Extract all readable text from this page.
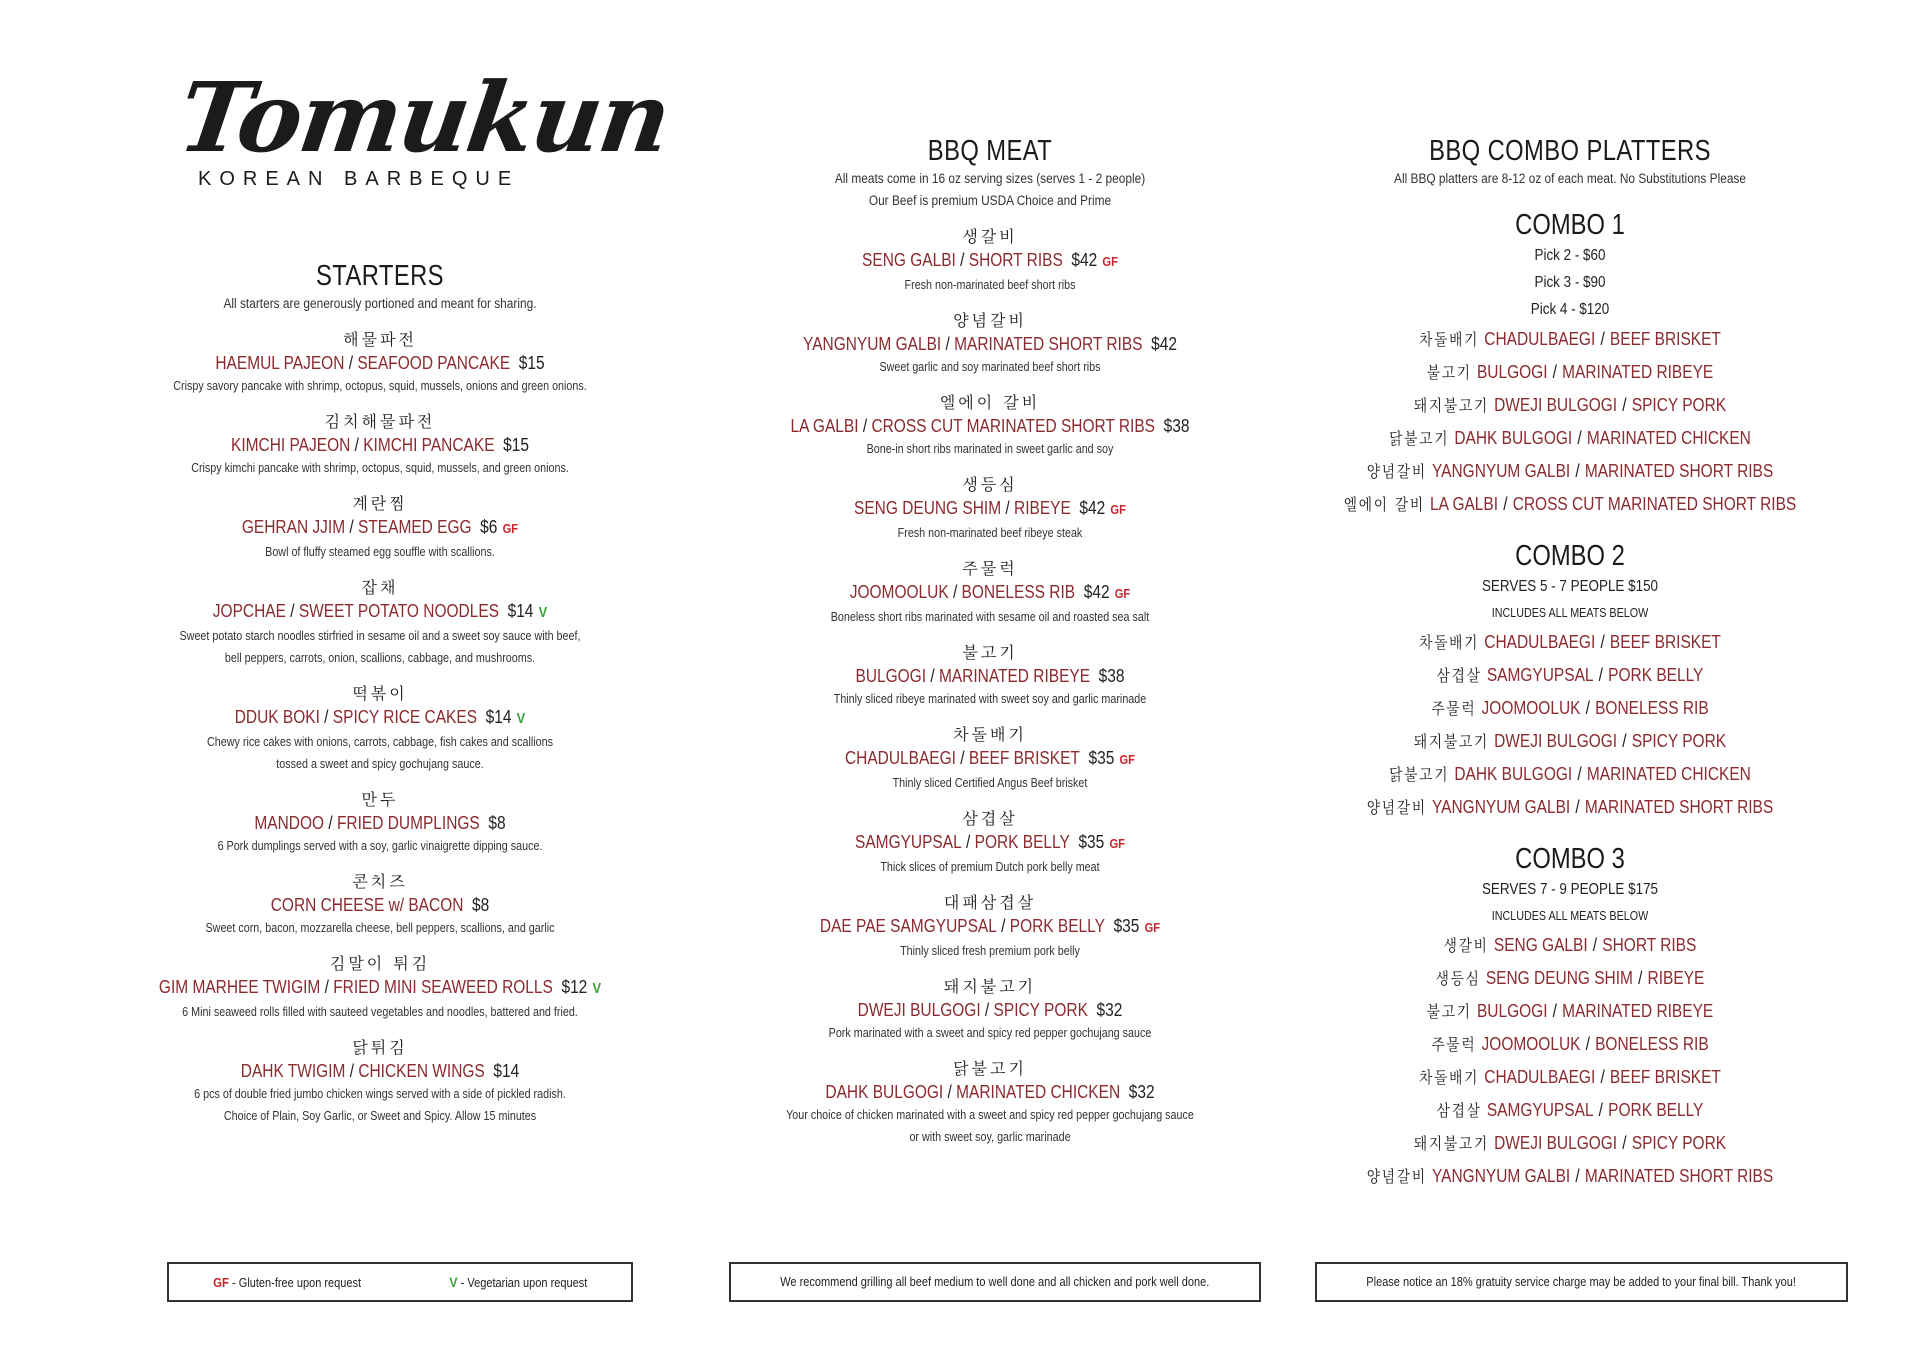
Tomukun
KOREAN BARBEQUE
STARTERS
All starters are generously portioned and meant for sharing.
해물파전
HAEMUL PAJEON / SEAFOOD PANCAKE $15
Crispy savory pancake with shrimp, octopus, squid, mussels, onions and green onions.
김치해물파전
KIMCHI PAJEON / KIMCHI PANCAKE $15
Crispy kimchi pancake with shrimp, octopus, squid, mussels, and green onions.
계란찜
GEHRAN JJIM / STEAMED EGG $6 GF
Bowl of fluffy steamed egg souffle with scallions.
잡채
JOPCHAE / SWEET POTATO NOODLES $14 V
Sweet potato starch noodles stirfried in sesame oil and a sweet soy sauce with beef,
bell peppers, carrots, onion, scallions, cabbage, and mushrooms.
떡볶이
DDUK BOKI / SPICY RICE CAKES $14 V
Chewy rice cakes with onions, carrots, cabbage, fish cakes and scallions
tossed a sweet and spicy gochujang sauce.
만두
MANDOO / FRIED DUMPLINGS $8
6 Pork dumplings served with a soy, garlic vinaigrette dipping sauce.
콘치즈
CORN CHEESE w/ BACON $8
Sweet corn, bacon, mozzarella cheese, bell peppers, scallions, and garlic
김말이 튀김
GIM MARHEE TWIGIM / FRIED MINI SEAWEED ROLLS $12 V
6 Mini seaweed rolls filled with sauteed vegetables and noodles, battered and fried.
닭튀김
DAHK TWIGIM / CHICKEN WINGS $14
6 pcs of double fried jumbo chicken wings served with a side of pickled radish.
Choice of Plain, Soy Garlic, or Sweet and Spicy. Allow 15 minutes
BBQ MEAT
All meats come in 16 oz serving sizes (serves 1 - 2 people)
Our Beef is premium USDA Choice and Prime
생갈비
SENG GALBI / SHORT RIBS $42 GF
Fresh non-marinated beef short ribs
양념갈비
YANGNYUM GALBI / MARINATED SHORT RIBS $42
Sweet garlic and soy marinated beef short ribs
엘에이 갈비
LA GALBI / CROSS CUT MARINATED SHORT RIBS $38
Bone-in short ribs marinated in sweet garlic and soy
생등심
SENG DEUNG SHIM / RIBEYE $42 GF
Fresh non-marinated beef ribeye steak
주물럭
JOOMOOLUK / BONELESS RIB $42 GF
Boneless short ribs marinated with sesame oil and roasted sea salt
불고기
BULGOGI / MARINATED RIBEYE $38
Thinly sliced ribeye marinated with sweet soy and garlic marinade
차돌배기
CHADULBAEGI / BEEF BRISKET $35 GF
Thinly sliced Certified Angus Beef brisket
삼겹살
SAMGYUPSAL / PORK BELLY $35 GF
Thick slices of premium Dutch pork belly meat
대패삼겹살
DAE PAE SAMGYUPSAL / PORK BELLY $35 GF
Thinly sliced fresh premium pork belly
돼지불고기
DWEJI BULGOGI / SPICY PORK $32
Pork marinated with a sweet and spicy red pepper gochujang sauce
닭불고기
DAHK BULGOGI / MARINATED CHICKEN $32
Your choice of chicken marinated with a sweet and spicy red pepper gochujang sauce
or with sweet soy, garlic marinade
BBQ COMBO PLATTERS
All BBQ platters are 8-12 oz of each meat. No Substitutions Please
COMBO 1
Pick 2 - $60
Pick 3 - $90
Pick 4 - $120
차돌배기 CHADULBAEGI / BEEF BRISKET
불고기 BULGOGI / MARINATED RIBEYE
돼지불고기 DWEJI BULGOGI / SPICY PORK
닭불고기 DAHK BULGOGI / MARINATED CHICKEN
양념갈비 YANGNYUM GALBI / MARINATED SHORT RIBS
엘에이 갈비 LA GALBI / CROSS CUT MARINATED SHORT RIBS
COMBO 2
SERVES 5 - 7 PEOPLE $150
INCLUDES ALL MEATS BELOW
차돌배기 CHADULBAEGI / BEEF BRISKET
삼겹살 SAMGYUPSAL / PORK BELLY
주물럭 JOOMOOLUK / BONELESS RIB
돼지불고기 DWEJI BULGOGI / SPICY PORK
닭불고기 DAHK BULGOGI / MARINATED CHICKEN
양념갈비 YANGNYUM GALBI / MARINATED SHORT RIBS
COMBO 3
SERVES 7 - 9 PEOPLE $175
INCLUDES ALL MEATS BELOW
생갈비 SENG GALBI / SHORT RIBS
생등심 SENG DEUNG SHIM / RIBEYE
불고기 BULGOGI / MARINATED RIBEYE
주물럭 JOOMOOLUK / BONELESS RIB
차돌배기 CHADULBAEGI / BEEF BRISKET
삼겹살 SAMGYUPSAL / PORK BELLY
돼지불고기 DWEJI BULGOGI / SPICY PORK
양념갈비 YANGNYUM GALBI / MARINATED SHORT RIBS
GF - Gluten-free upon request	V - Vegetarian upon request	We recommend grilling all beef medium to well done and all chicken and pork well done.	Please notice an 18% gratuity service charge may be added to your final bill. Thank you!
